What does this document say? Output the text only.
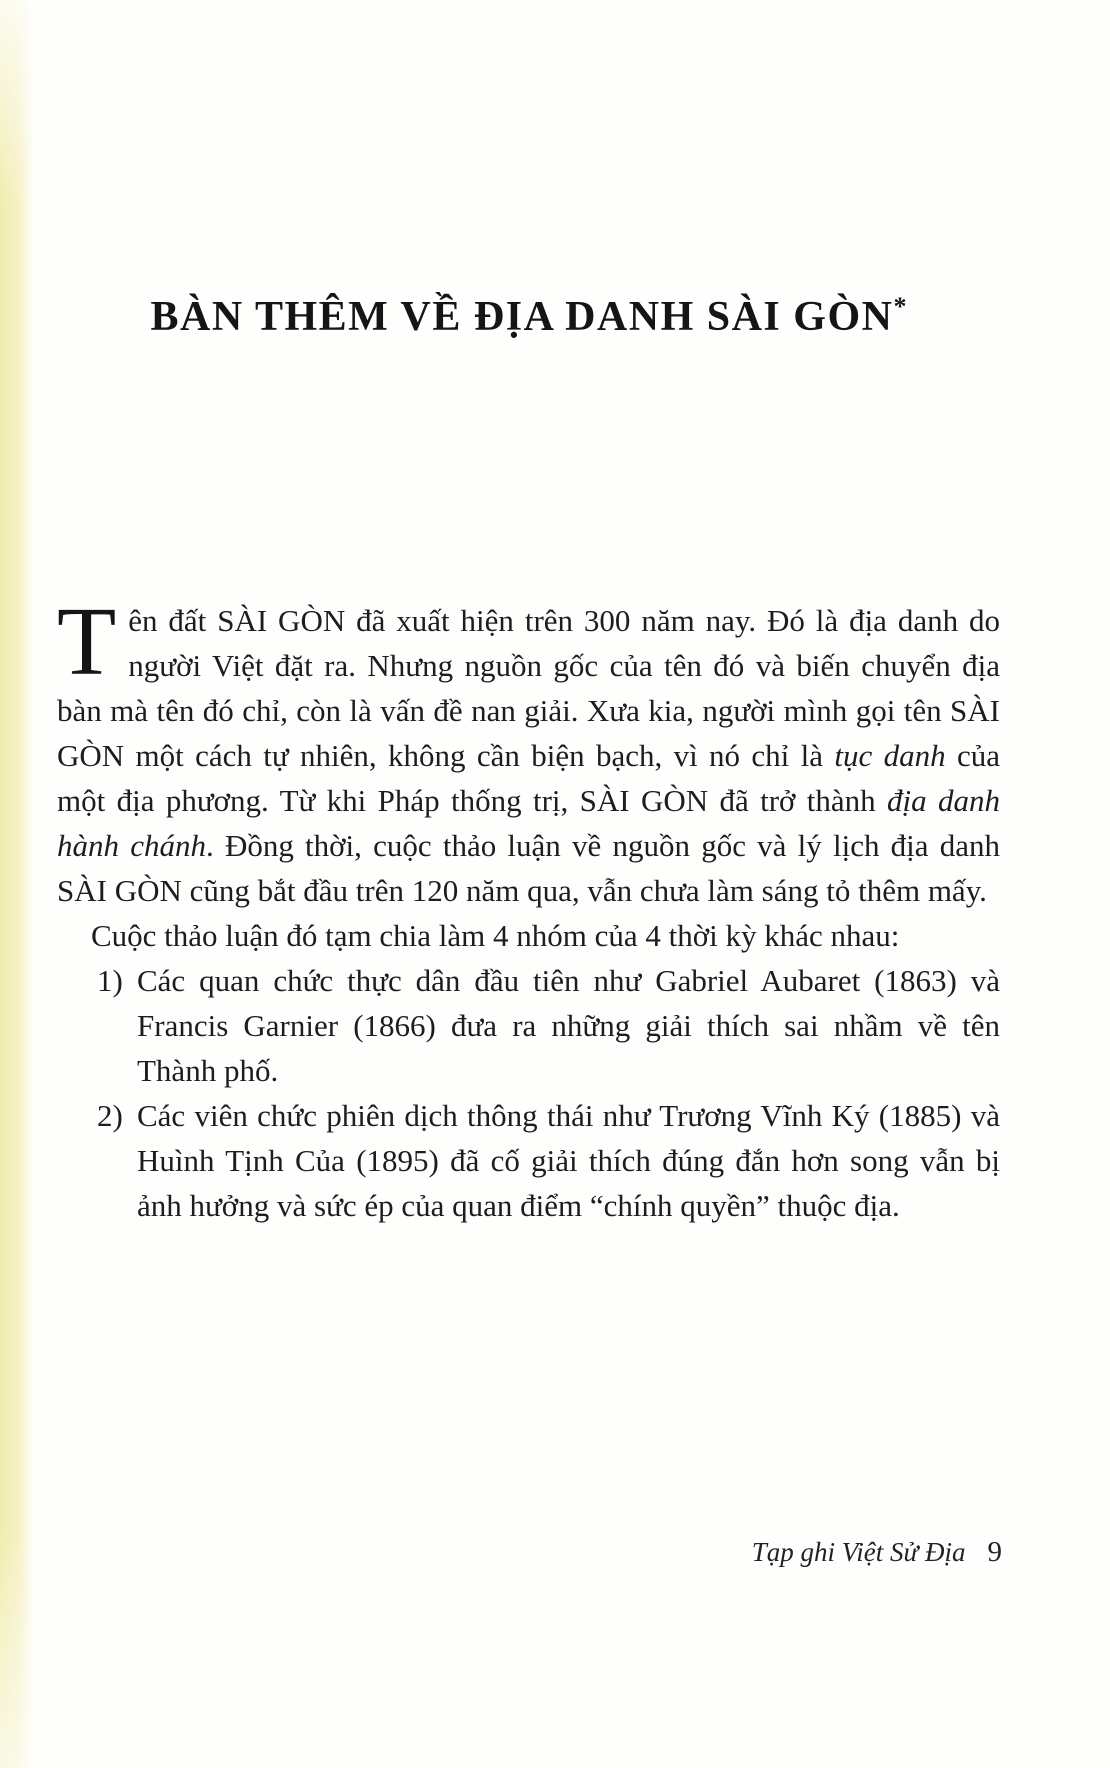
BÀN THÊM VỀ ĐỊA DANH SÀI GÒN*

Tên đất SÀI GÒN đã xuất hiện trên 300 năm nay. Đó là địa danh do người Việt đặt ra. Nhưng nguồn gốc của tên đó và biến chuyển địa bàn mà tên đó chỉ, còn là vấn đề nan giải. Xưa kia, người mình gọi tên SÀI GÒN một cách tự nhiên, không cần biện bạch, vì nó chỉ là tục danh của một địa phương. Từ khi Pháp thống trị, SÀI GÒN đã trở thành địa danh hành chánh. Đồng thời, cuộc thảo luận về nguồn gốc và lý lịch địa danh SÀI GÒN cũng bắt đầu trên 120 năm qua, vẫn chưa làm sáng tỏ thêm mấy.

Cuộc thảo luận đó tạm chia làm 4 nhóm của 4 thời kỳ khác nhau:

1) Các quan chức thực dân đầu tiên như Gabriel Aubaret (1863) và Francis Garnier (1866) đưa ra những giải thích sai nhầm về tên Thành phố.
2) Các viên chức phiên dịch thông thái như Trương Vĩnh Ký (1885) và Huình Tịnh Của (1895) đã cố giải thích đúng đắn hơn song vẫn bị ảnh hưởng và sức ép của quan điểm “chính quyền” thuộc địa.
Tạp ghi Việt Sử Địa 9
